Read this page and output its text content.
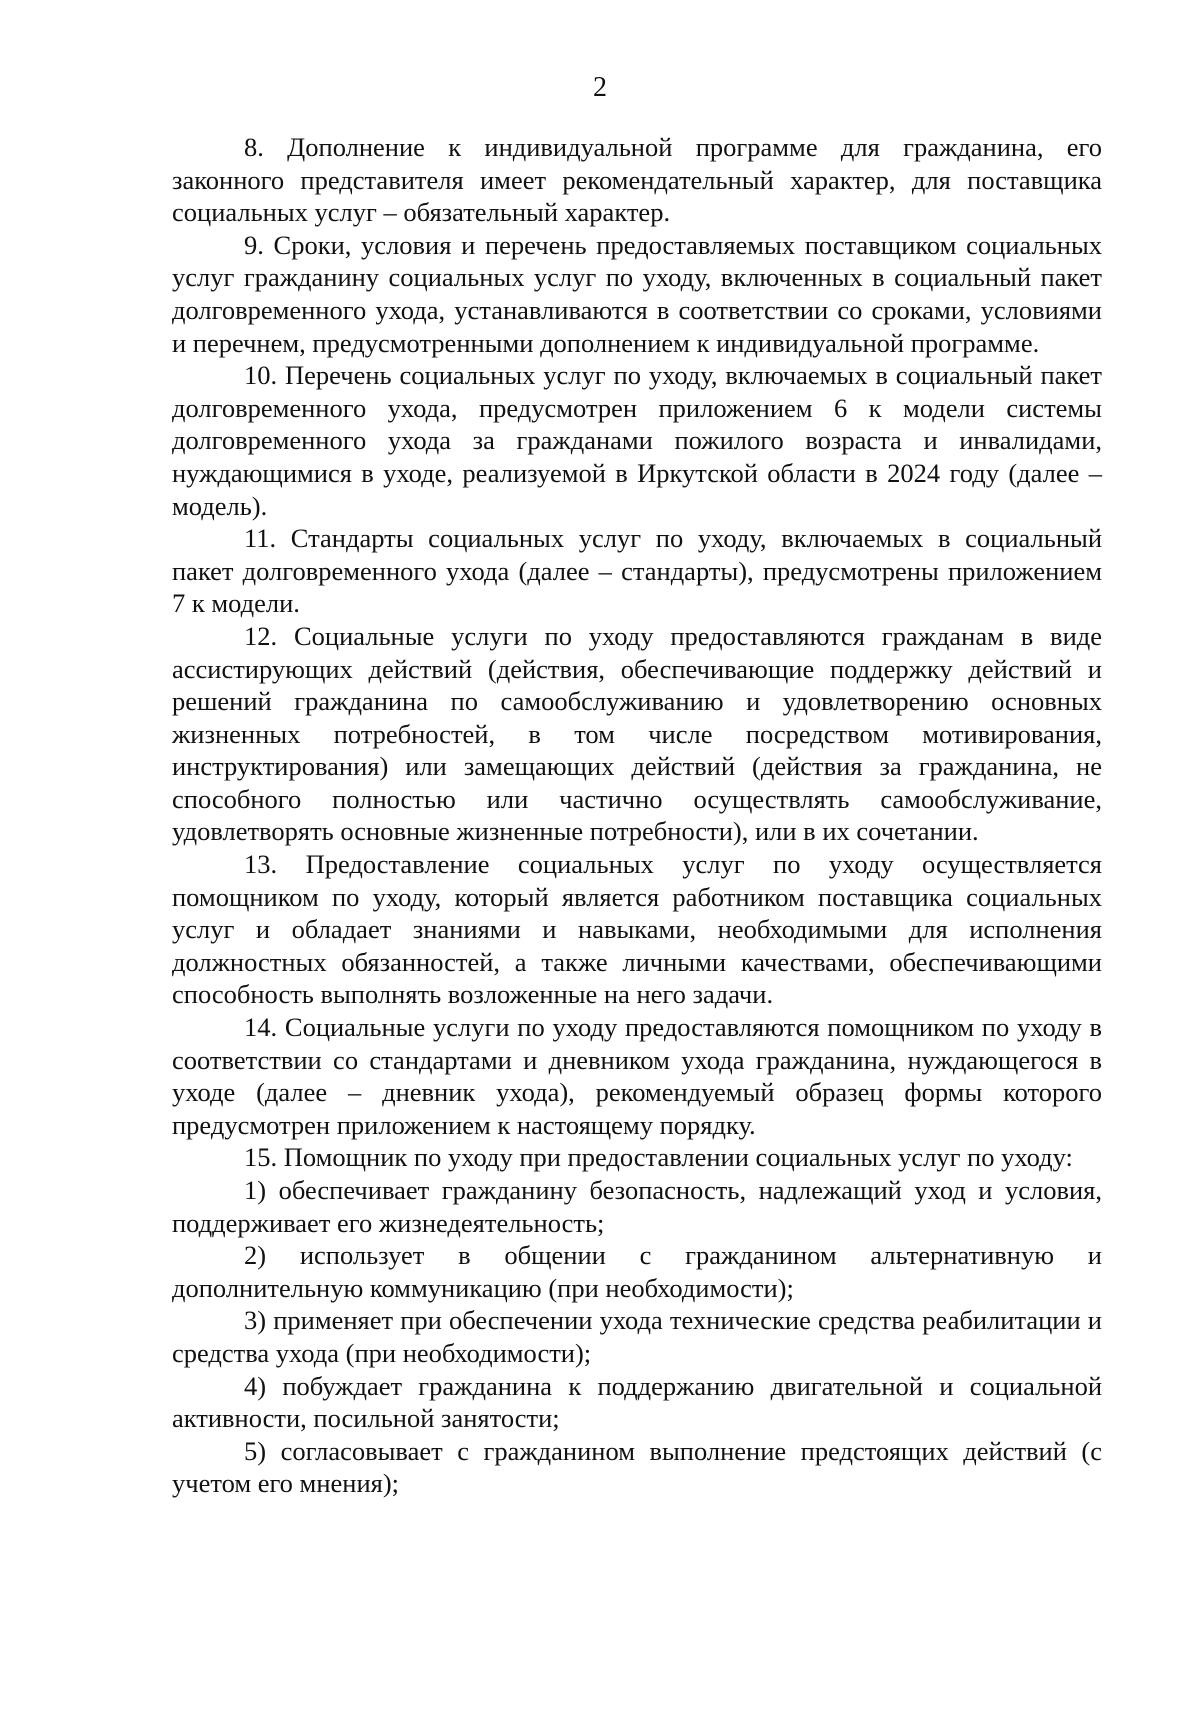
2

8. Дополнение к индивидуальной программе для гражданина, его законного представителя имеет рекомендательный характер, для поставщика социальных услуг – обязательный характер.

9. Сроки, условия и перечень предоставляемых поставщиком социальных услуг гражданину социальных услуг по уходу, включенных в социальный пакет долговременного ухода, устанавливаются в соответствии со сроками, условиями и перечнем, предусмотренными дополнением к индивидуальной программе.

10. Перечень социальных услуг по уходу, включаемых в социальный пакет долговременного ухода, предусмотрен приложением 6 к модели системы долговременного ухода за гражданами пожилого возраста и инвалидами, нуждающимися в уходе, реализуемой в Иркутской области в 2024 году (далее – модель).

11. Стандарты социальных услуг по уходу, включаемых в социальный пакет долговременного ухода (далее – стандарты), предусмотрены приложением 7 к модели.

12. Социальные услуги по уходу предоставляются гражданам в виде ассистирующих действий (действия, обеспечивающие поддержку действий и решений гражданина по самообслуживанию и удовлетворению основных жизненных потребностей, в том числе посредством мотивирования, инструктирования) или замещающих действий (действия за гражданина, не способного полностью или частично осуществлять самообслуживание, удовлетворять основные жизненные потребности), или в их сочетании.

13. Предоставление социальных услуг по уходу осуществляется помощником по уходу, который является работником поставщика социальных услуг и обладает знаниями и навыками, необходимыми для исполнения должностных обязанностей, а также личными качествами, обеспечивающими способность выполнять возложенные на него задачи.

14. Социальные услуги по уходу предоставляются помощником по уходу в соответствии со стандартами и дневником ухода гражданина, нуждающегося в уходе (далее – дневник ухода), рекомендуемый образец формы которого предусмотрен приложением к настоящему порядку.

15. Помощник по уходу при предоставлении социальных услуг по уходу:

1) обеспечивает гражданину безопасность, надлежащий уход и условия, поддерживает его жизнедеятельность;

2) использует в общении с гражданином альтернативную и дополнительную коммуникацию (при необходимости);

3) применяет при обеспечении ухода технические средства реабилитации и средства ухода (при необходимости);

4) побуждает гражданина к поддержанию двигательной и социальной активности, посильной занятости;

5) согласовывает с гражданином выполнение предстоящих действий (с учетом его мнения);
